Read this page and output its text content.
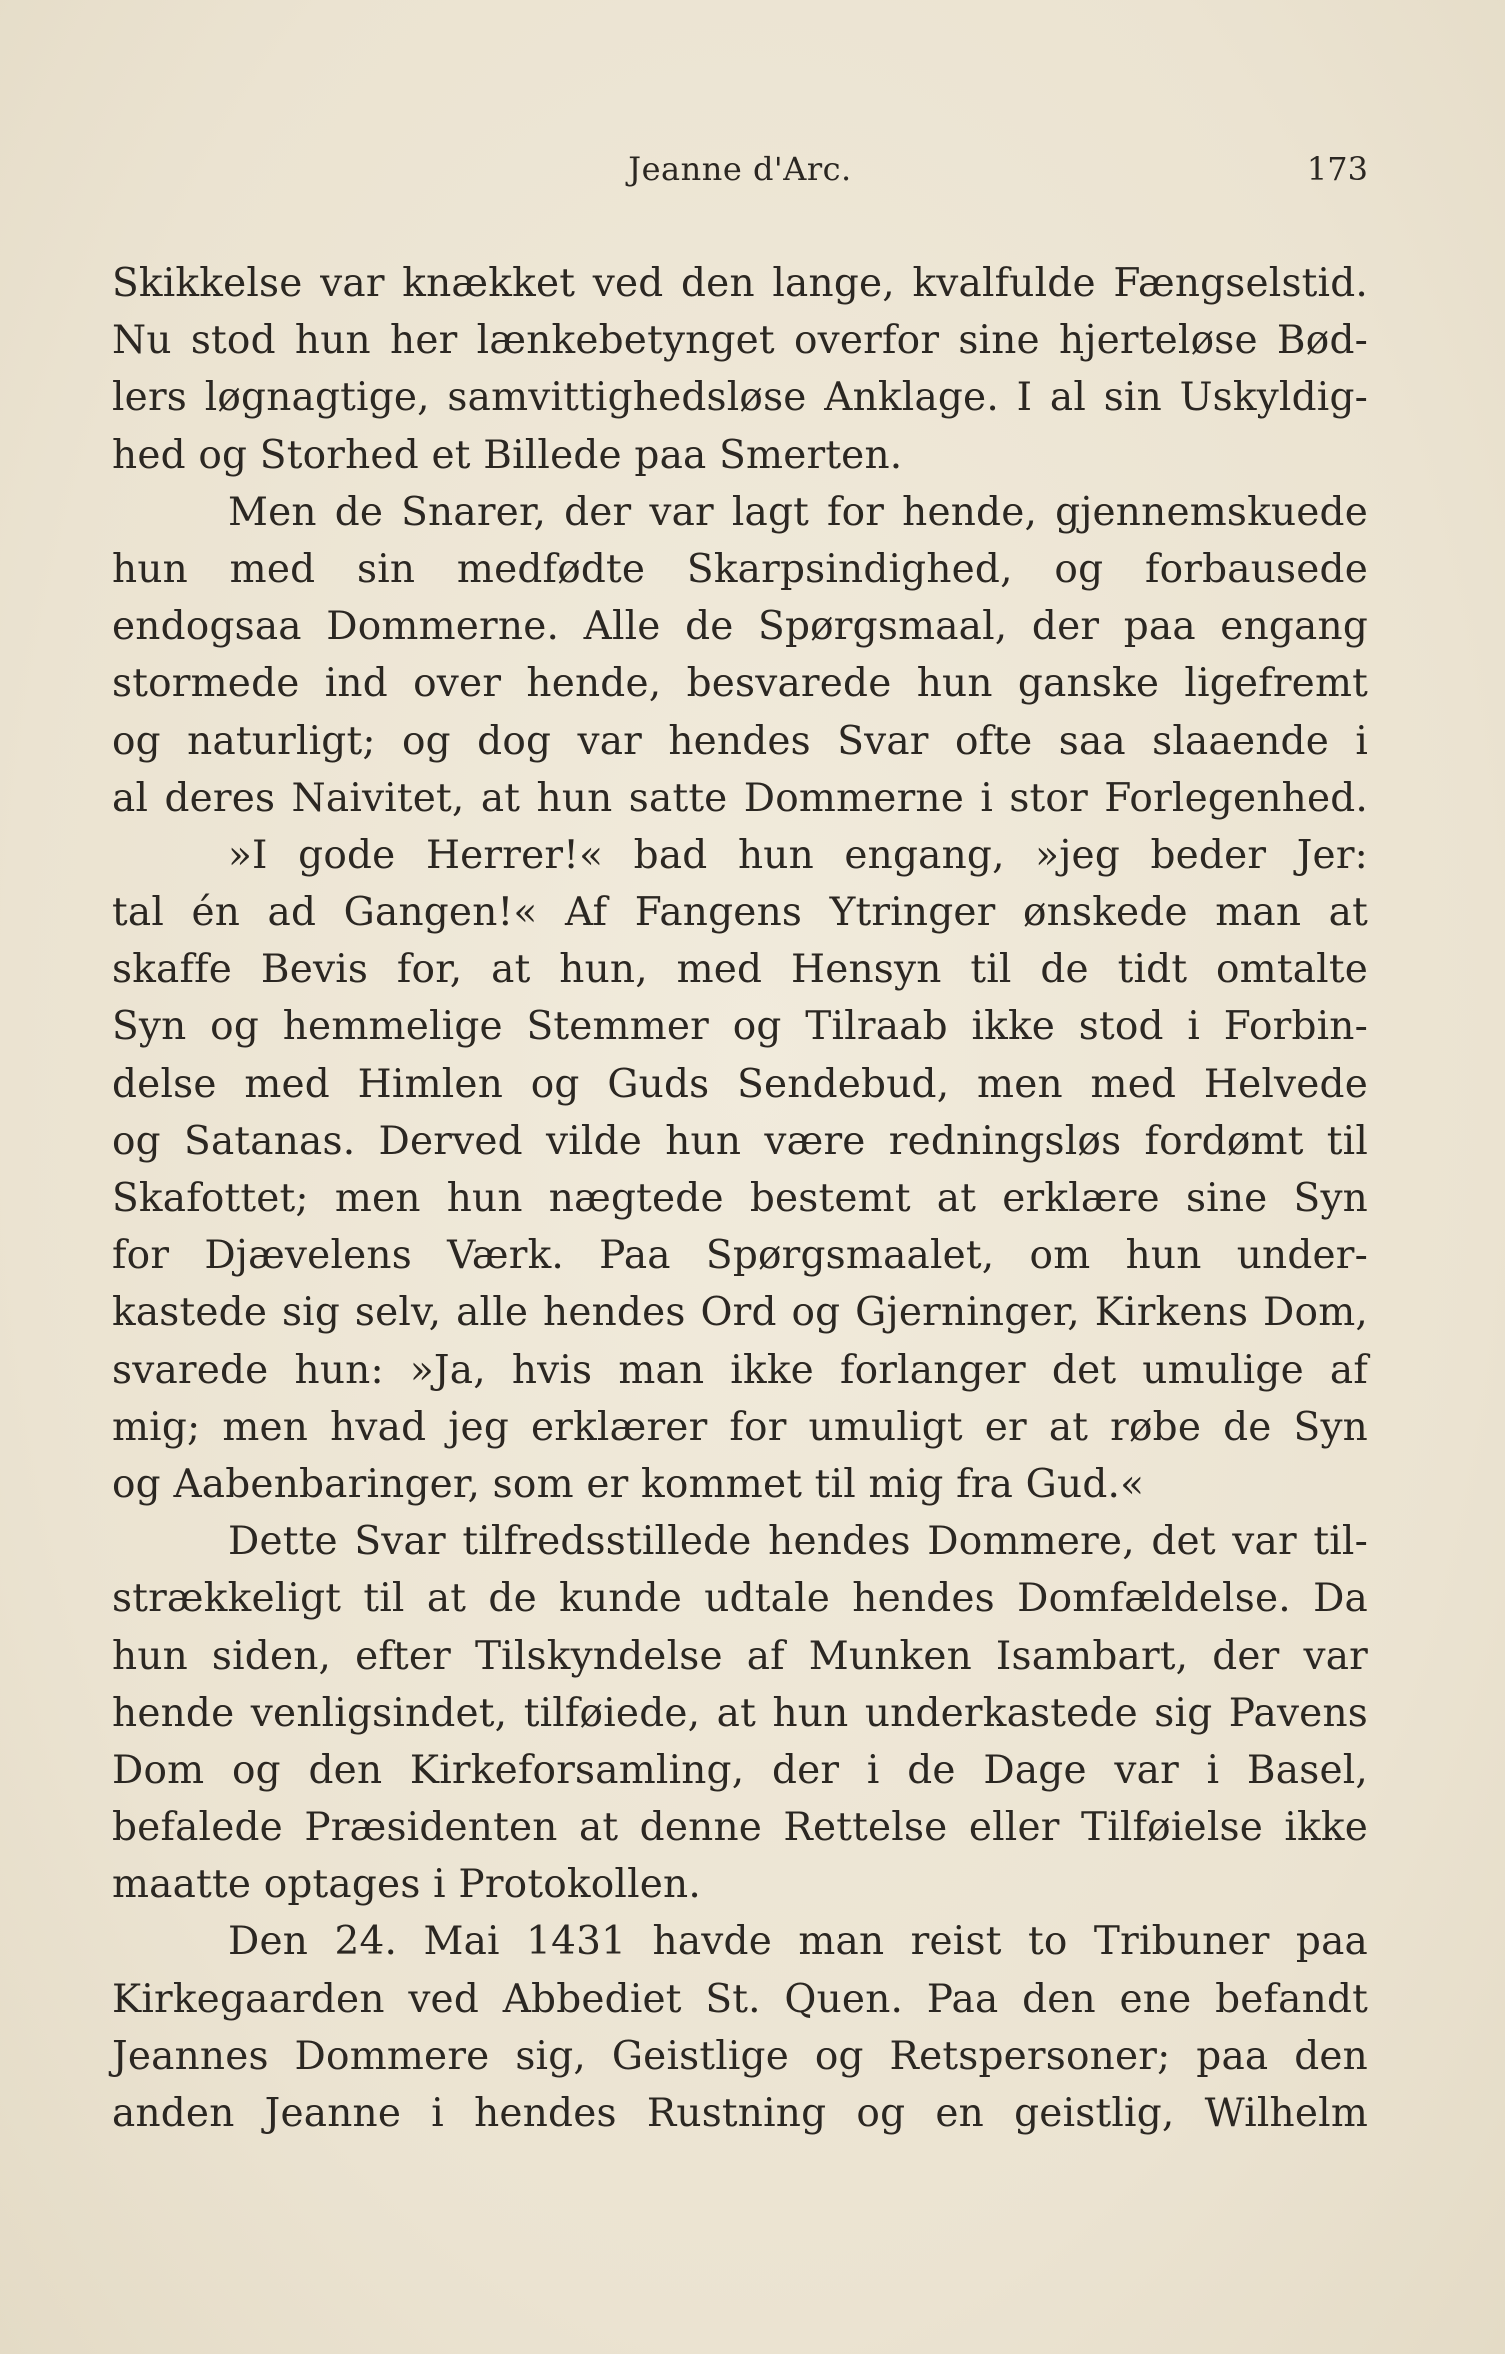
Jeanne d'Arc.	173
Skikkelse var knækket ved den lange, kvalfulde Fængselstid.
Nu stod hun her lænkebetynget overfor sine hjerteløse Bød-
lers løgnagtige, samvittighedsløse Anklage. I al sin Uskyldig-
hed og Storhed et Billede paa Smerten.
Men de Snarer, der var lagt for hende, gjennemskuede
hun med sin medfødte Skarpsindighed, og forbausede
endogsaa Dommerne. Alle de Spørgsmaal, der paa engang
stormede ind over hende, besvarede hun ganske ligefremt
og naturligt; og dog var hendes Svar ofte saa slaaende i
al deres Naivitet, at hun satte Dommerne i stor Forlegenhed.
»I gode Herrer!« bad hun engang, »jeg beder Jer:
tal én ad Gangen!« Af Fangens Ytringer ønskede man at
skaffe Bevis for, at hun, med Hensyn til de tidt omtalte
Syn og hemmelige Stemmer og Tilraab ikke stod i Forbin-
delse med Himlen og Guds Sendebud, men med Helvede
og Satanas. Derved vilde hun være redningsløs fordømt til
Skafottet; men hun nægtede bestemt at erklære sine Syn
for Djævelens Værk. Paa Spørgsmaalet, om hun under-
kastede sig selv, alle hendes Ord og Gjerninger, Kirkens Dom,
svarede hun: »Ja, hvis man ikke forlanger det umulige af
mig; men hvad jeg erklærer for umuligt er at røbe de Syn
og Aabenbaringer, som er kommet til mig fra Gud.«
Dette Svar tilfredsstillede hendes Dommere, det var til-
strækkeligt til at de kunde udtale hendes Domfældelse. Da
hun siden, efter Tilskyndelse af Munken Isambart, der var
hende venligsindet, tilføiede, at hun underkastede sig Pavens
Dom og den Kirkeforsamling, der i de Dage var i Basel,
befalede Præsidenten at denne Rettelse eller Tilføielse ikke
maatte optages i Protokollen.
Den 24. Mai 1431 havde man reist to Tribuner paa
Kirkegaarden ved Abbediet St. Quen. Paa den ene befandt
Jeannes Dommere sig, Geistlige og Retspersoner; paa den
anden Jeanne i hendes Rustning og en geistlig, Wilhelm
